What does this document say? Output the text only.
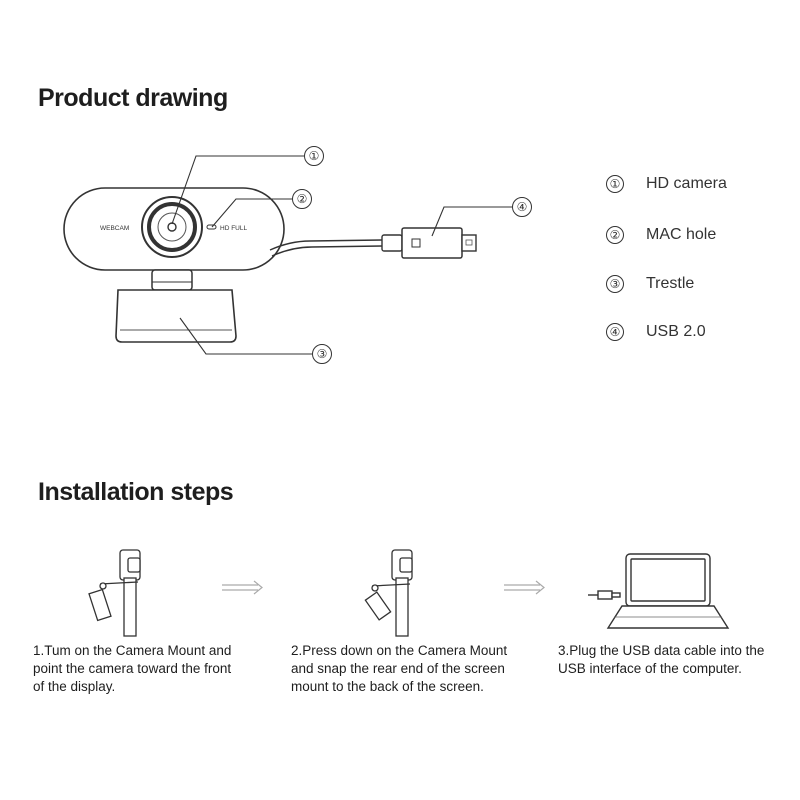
Product drawing
WEBCAM	HD FULL
①
②
③
④
① HD camera
② MAC hole
③ Trestle
④ USB 2.0
Installation steps
1.Tum on the Camera Mount and
point the camera toward the front
of the display.
2.Press down on the Camera Mount
and snap the rear end of the screen
mount to the back of the screen.
3.Plug the USB data cable into the
USB interface of the computer.
